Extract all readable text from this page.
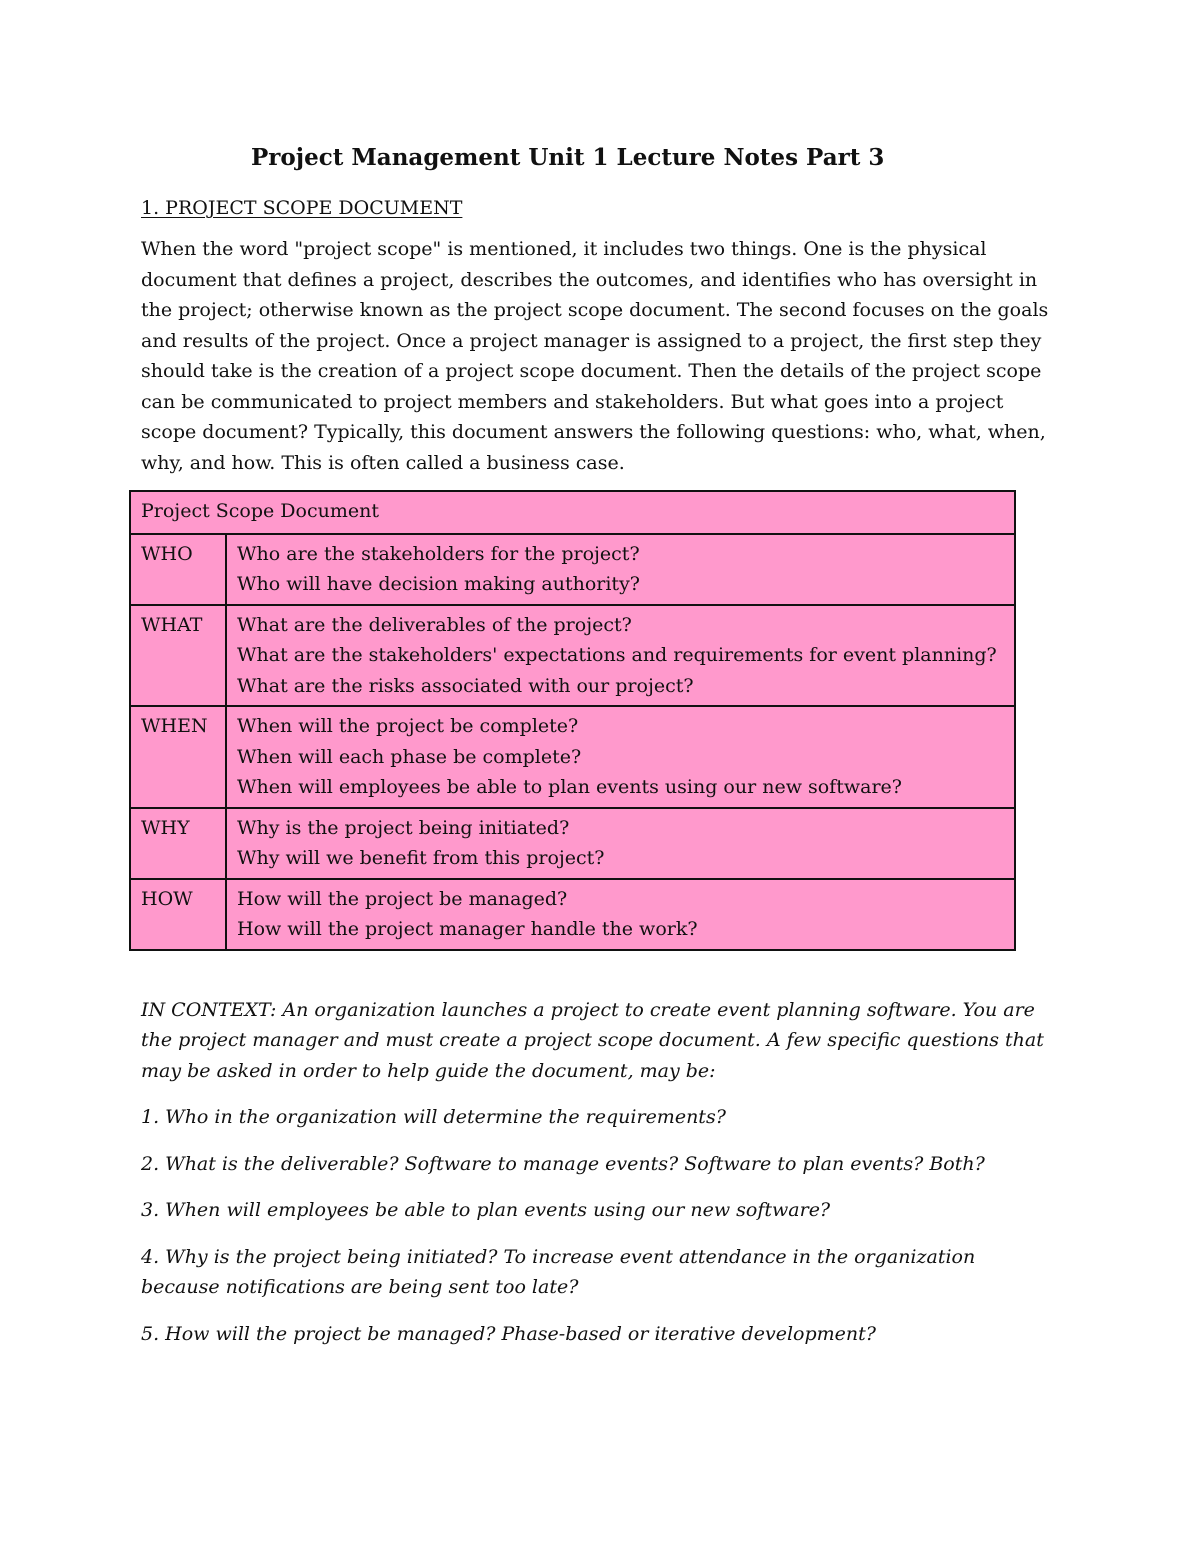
Project Management Unit 1 Lecture Notes Part 3
1. PROJECT SCOPE DOCUMENT

When the word "project scope" is mentioned, it includes two things. One is the physical document that defines a project, describes the outcomes, and identifies who has oversight in the project; otherwise known as the project scope document. The second focuses on the goals and results of the project. Once a project manager is assigned to a project, the first step they should take is the creation of a project scope document. Then the details of the project scope can be communicated to project members and stakeholders. But what goes into a project scope document? Typically, this document answers the following questions: who, what, when, why, and how. This is often called a business case.

Project Scope Document	
WHO	Who are the stakeholders for the project?
Who will have decision making authority?

WHAT	What are the deliverables of the project?
What are the stakeholders' expectations and requirements for event planning?
What are the risks associated with our project?

WHEN	When will the project be complete?
When will each phase be complete?
When will employees be able to plan events using our new software?

WHY	Why is the project being initiated?
Why will we benefit from this project?

HOW	How will the project be managed?
How will the project manager handle the work?

IN CONTEXT: An organization launches a project to create event planning software. You are the project manager and must create a project scope document. A few specific questions that may be asked in order to help guide the document, may be:

1. Who in the organization will determine the requirements?
2. What is the deliverable? Software to manage events? Software to plan events? Both?
3. When will employees be able to plan events using our new software?
4. Why is the project being initiated? To increase event attendance in the organization because notifications are being sent too late?
5. How will the project be managed? Phase-based or iterative development?
